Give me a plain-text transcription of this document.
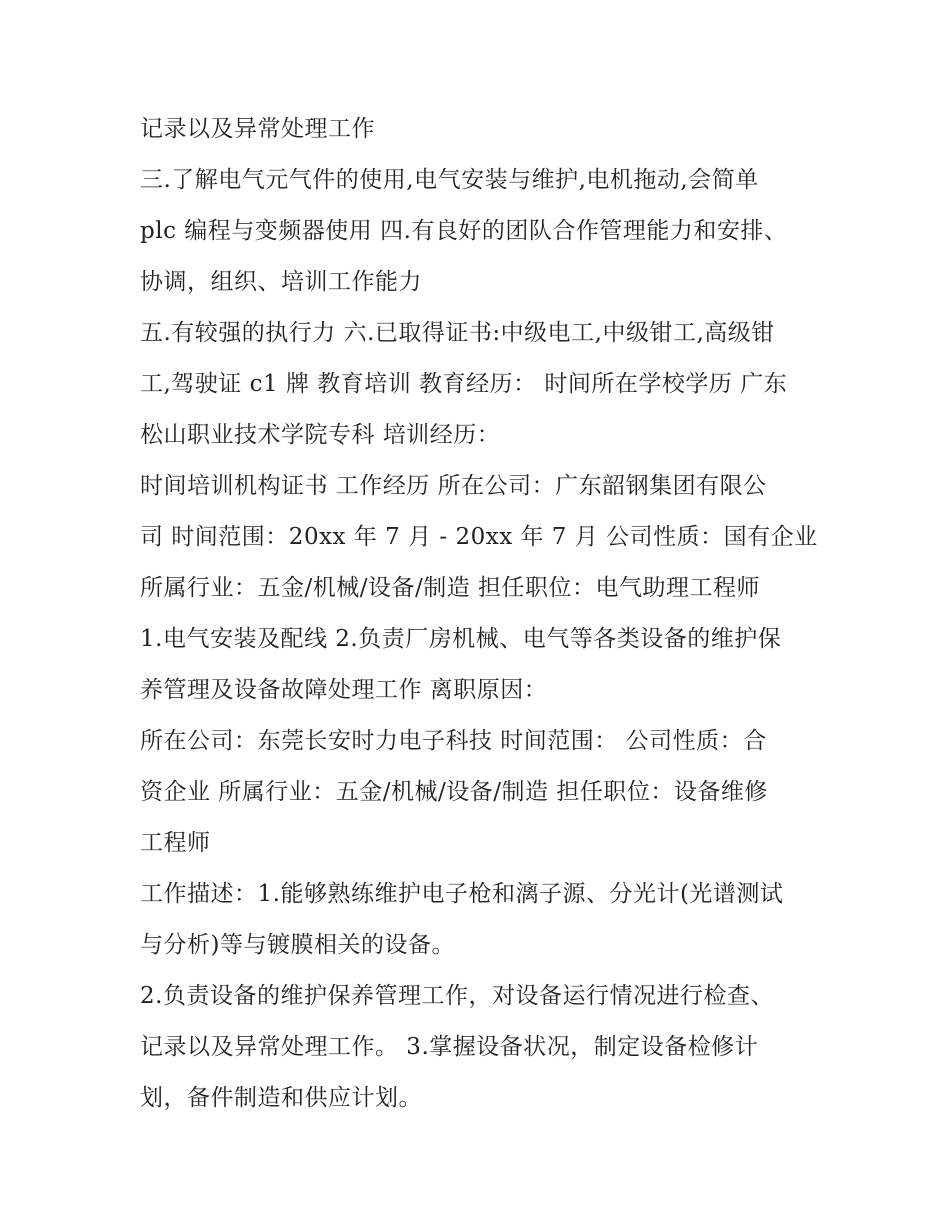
记录以及异常处理工作
三.了解电气元气件的使用,电气安装与维护,电机拖动,会简单
plc 编程与变频器使用 四.有良好的团队合作管理能力和安排、
协调，组织、培训工作能力
五.有较强的执行力 六.已取得证书:中级电工,中级钳工,高级钳
工,驾驶证 c1 牌 教育培训 教育经历： 时间所在学校学历 广东
松山职业技术学院专科 培训经历：
时间培训机构证书 工作经历 所在公司：广东韶钢集团有限公
司 时间范围：20xx 年 7 月 - 20xx 年 7 月 公司性质：国有企业
所属行业：五金/机械/设备/制造 担任职位：电气助理工程师
1.电气安装及配线 2.负责厂房机械、电气等各类设备的维护保
养管理及设备故障处理工作 离职原因：
所在公司：东莞长安时力电子科技 时间范围： 公司性质：合
资企业 所属行业：五金/机械/设备/制造 担任职位：设备维修
工程师
工作描述：1.能够熟练维护电子枪和漓子源、分光计(光谱测试
与分析)等与镀膜相关的设备。
2.负责设备的维护保养管理工作，对设备运行情况进行检查、
记录以及异常处理工作。 3.掌握设备状况，制定设备检修计
划，备件制造和供应计划。
